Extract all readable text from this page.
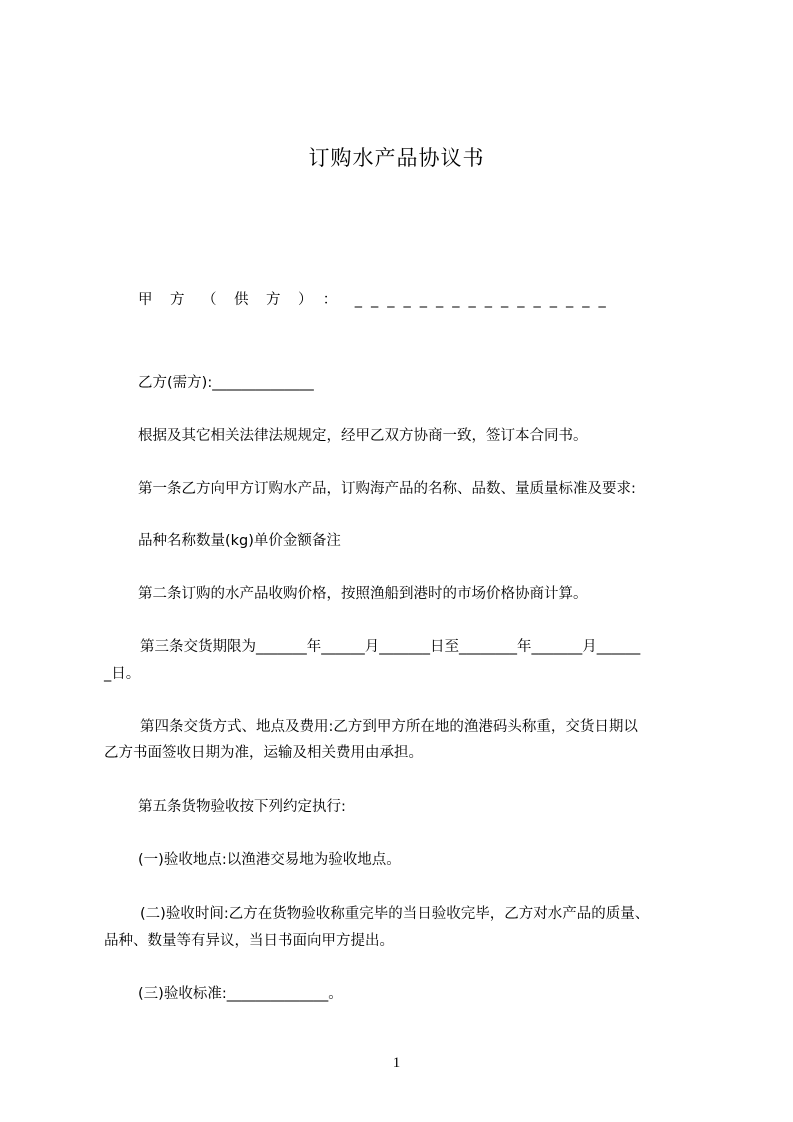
订购水产品协议书
甲方（供方）：________________
乙方(需方):______________
根据及其它相关法律法规规定，经甲乙双方协商一致，签订本合同书。
第一条乙方向甲方订购水产品，订购海产品的名称、品数、量质量标准及要求:
品种名称数量(kg)单价金额备注
第二条订购的水产品收购价格，按照渔船到港时的市场价格协商计算。
第三条交货期限为_______年______月_______日至________年_______月______
_日。
第四条交货方式、地点及费用:乙方到甲方所在地的渔港码头称重，交货日期以
乙方书面签收日期为准，运输及相关费用由承担。
第五条货物验收按下列约定执行:
(一)验收地点:以渔港交易地为验收地点。
(二)验收时间:乙方在货物验收称重完毕的当日验收完毕，乙方对水产品的质量、
品种、数量等有异议，当日书面向甲方提出。
(三)验收标准:______________。
1
